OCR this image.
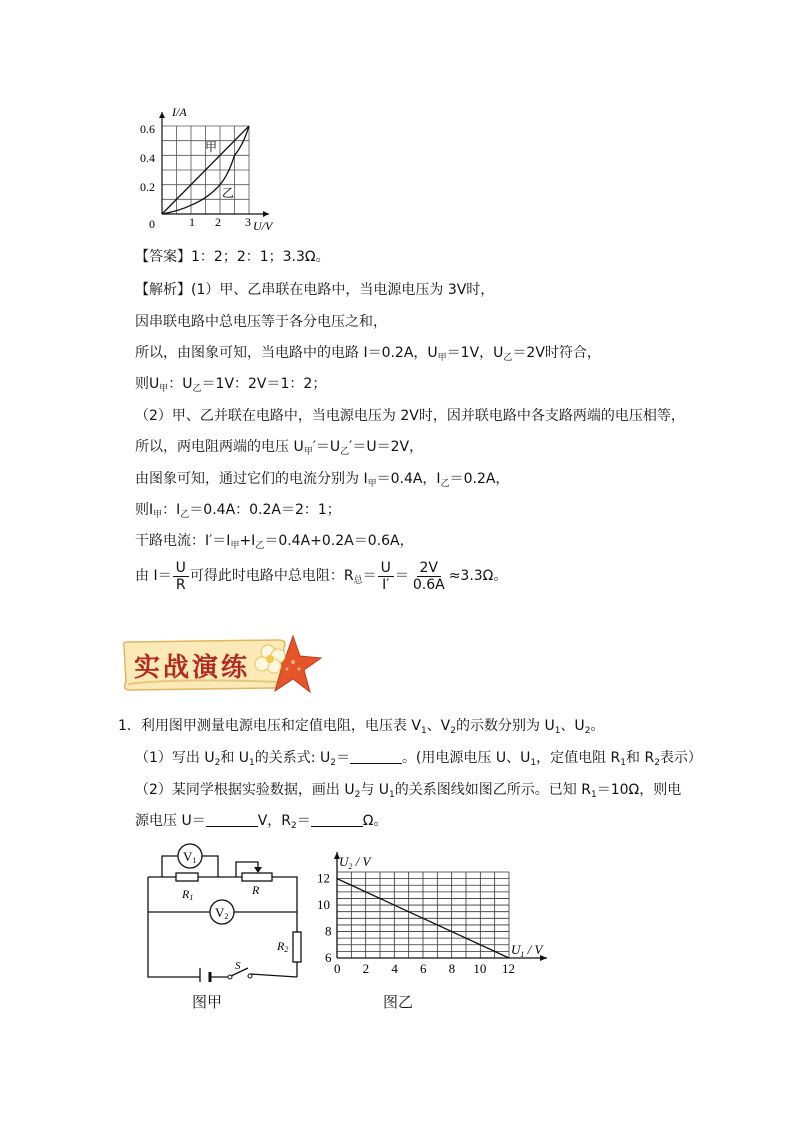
I/A
U/V
0
0.6
0.4
0.2
1 2 3
甲
乙
【答案】1：2；2：1；3.3Ω。
【解析】(1）甲、乙串联在电路中，当电源电压为 3V时，
因串联电路中总电压等于各分电压之和，
所以，由图象可知，当电路中的电路 I＝0.2A，$U_甲=1V$，$U_乙=2V$时符合，
则$U_甲$：$U_乙=1V$：2V＝1：2；
（2）甲、乙并联在电路中，当电源电压为 2V时，因并联电路中各支路两端的电压相等，
所以，两电阻两端的电压 $U_甲'=U_乙'=U=2V$，
由图象可知，通过它们的电流分别为 $I_甲=0.4A$，$I_乙=0.2A$，
则$I_甲$：$I_乙=0.4A$：0.2A＝2：1；
干路电流：$I'=I_甲+I_乙=0.4A+0.2A=0.6A$，
由 $I= \frac{U}{R}$ 可得此时电路中总电阻：$R_总= \frac{U}{I'} = \frac{2V}{0.6A} \approx 3.3\Omega$。
实战演练
1．利用图甲测量电源电压和定值电阻，电压表 $V_1$、$V_2$的示数分别为 $U_1$、$U_2$。
（1）写出 $U_2$和 $U_1$的关系式: $U_2=$	。(用电源电压 U、$U_1$，定值电阻 $R_1$和 $R_2$表示）
（2）某同学根据实验数据，画出 $U_2$与 $U_1$的关系图线如图乙所示。已知 $R_1=10\Omega$，则电
源电压 U＝	V，$R_2=$	Ω。
V1
V2
R1
R
R2
S
图甲
0 2 4 6 8 10 12
6
8
10
12
$U_2$ / V
$U_1$ / V
图乙
